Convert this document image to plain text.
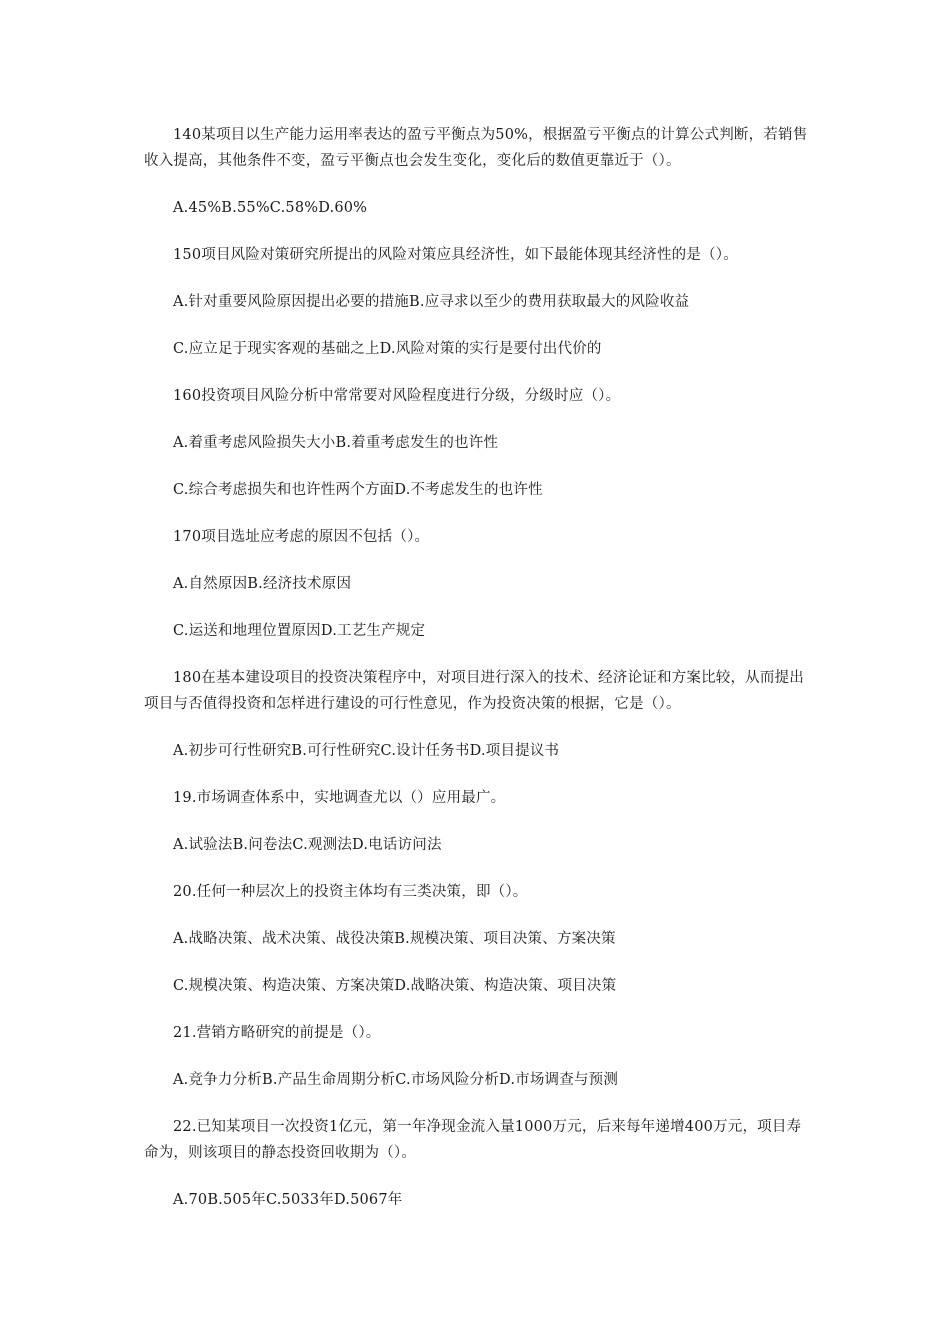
140某项目以生产能力运用率表达的盈亏平衡点为50%，根据盈亏平衡点的计算公式判断，若销售收入提高，其他条件不变，盈亏平衡点也会发生变化，变化后的数值更靠近于（）。

A.45%B.55%C.58%D.60%

150项目风险对策研究所提出的风险对策应具经济性，如下最能体现其经济性的是（）。

A.针对重要风险原因提出必要的措施B.应寻求以至少的费用获取最大的风险收益

C.应立足于现实客观的基础之上D.风险对策的实行是要付出代价的

160投资项目风险分析中常常要对风险程度进行分级，分级时应（）。

A.着重考虑风险损失大小B.着重考虑发生的也许性

C.综合考虑损失和也许性两个方面D.不考虑发生的也许性

170项目选址应考虑的原因不包括（）。

A.自然原因B.经济技术原因

C.运送和地理位置原因D.工艺生产规定

180在基本建设项目的投资决策程序中，对项目进行深入的技术、经济论证和方案比较，从而提出项目与否值得投资和怎样进行建设的可行性意见，作为投资决策的根据，它是（）。

A.初步可行性研究B.可行性研究C.设计任务书D.项目提议书

19.市场调查体系中，实地调查尤以（）应用最广。

A.试验法B.问卷法C.观测法D.电话访问法

20.任何一种层次上的投资主体均有三类决策，即（）。

A.战略决策、战术决策、战役决策B.规模决策、项目决策、方案决策

C.规模决策、构造决策、方案决策D.战略决策、构造决策、项目决策

21.营销方略研究的前提是（）。

A.竞争力分析B.产品生命周期分析C.市场风险分析D.市场调查与预测

22.已知某项目一次投资1亿元，第一年净现金流入量1000万元，后来每年递增400万元，项目寿命为，则该项目的静态投资回收期为（）。

A.70B.505年C.5033年D.5067年
